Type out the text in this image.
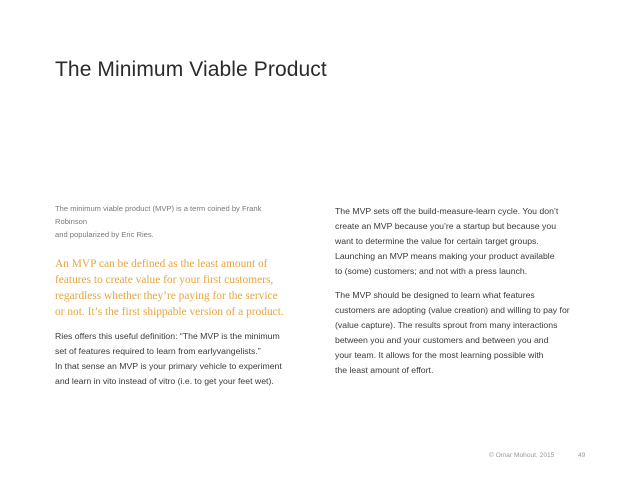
The Minimum Viable Product

The minimum viable product (MVP) is a term coined by Frank Robinson
and popularized by Eric Ries.

An MVP can be defined as the least amount of
features to create value for your first customers,
regardless whether they’re paying for the service
or not. It’s the first shippable version of a product.

Ries offers this useful definition: “The MVP is the minimum
set of features required to learn from earlyvangelists.”
In that sense an MVP is your primary vehicle to experiment
and learn in vito instead of vitro (i.e. to get your feet wet).

The MVP sets off the build-measure-learn cycle. You don’t
create an MVP because you’re a startup but because you
want to determine the value for certain target groups.
Launching an MVP means making your product available
to (some) customers; and not with a press launch.

The MVP should be designed to learn what features
customers are adopting (value creation) and willing to pay for
(value capture). The results sprout from many interactions
between you and your customers and between you and
your team. It allows for the most learning possible with
the least amount of effort.

© Omar Mohout, 2015	49
